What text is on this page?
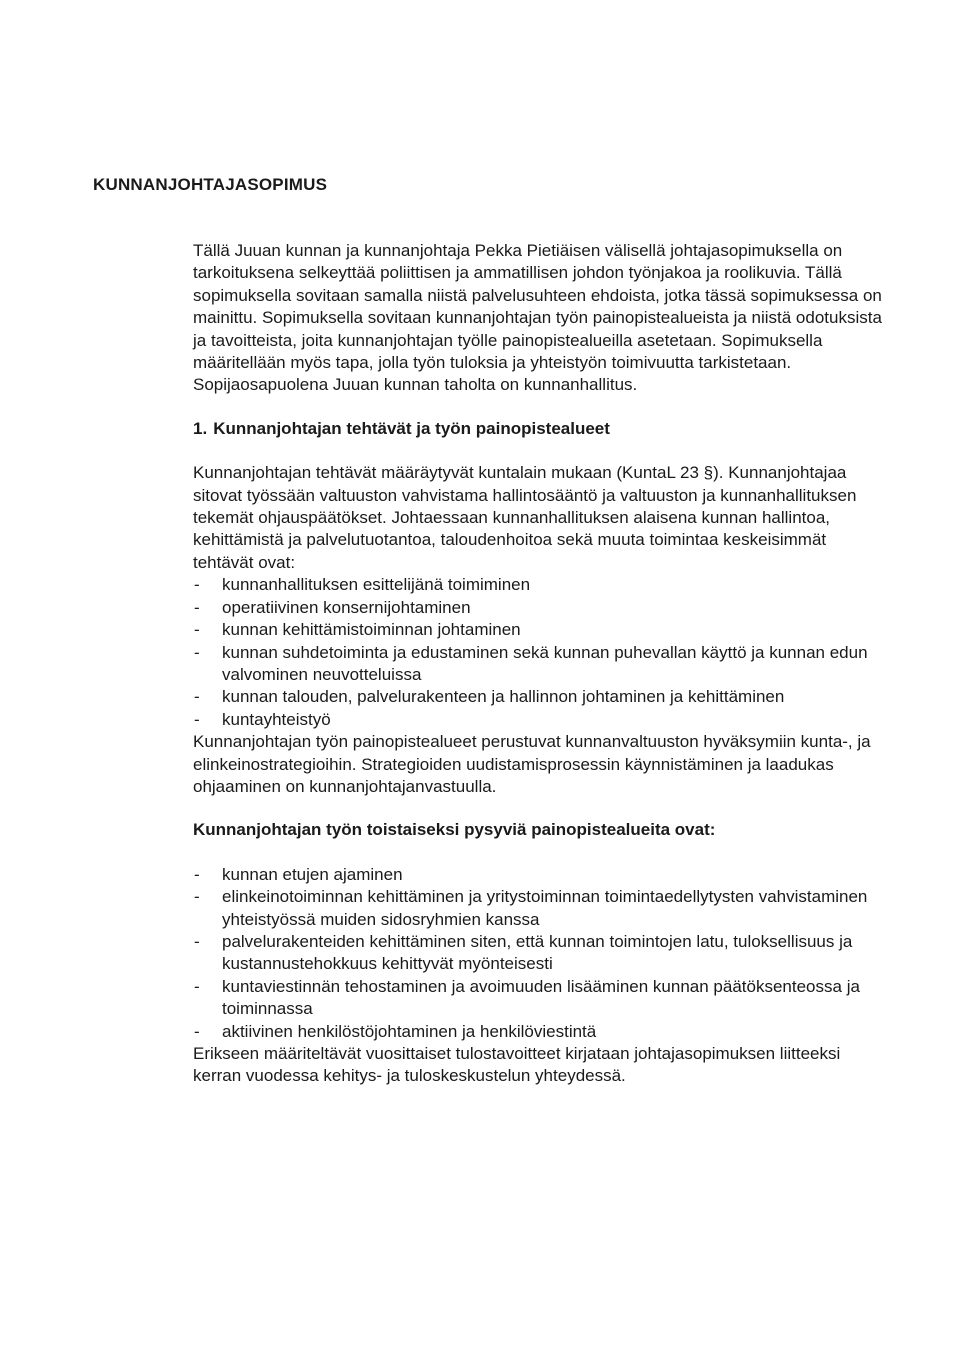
KUNNANJOHTAJASOPIMUS

Tällä Juuan kunnan ja kunnanjohtaja Pekka Pietiäisen välisellä johtajasopimuksella on tarkoituksena selkeyttää poliittisen ja ammatillisen johdon työnjakoa ja roolikuvia. Tällä sopimuksella sovitaan samalla niistä palvelusuhteen ehdoista, jotka tässä sopimuksessa on mainittu. Sopimuksella sovitaan kunnanjohtajan työn painopistealueista ja niistä odotuksista ja tavoitteista, joita kunnanjohtajan työlle painopistealueilla asetetaan. Sopimuksella määritellään myös tapa, jolla työn tuloksia ja yhteistyön toimivuutta tarkistetaan. Sopijaosapuolena Juuan kunnan taholta on kunnanhallitus.

1. Kunnanjohtajan tehtävät ja työn painopistealueet

Kunnanjohtajan tehtävät määräytyvät kuntalain mukaan (KuntaL 23 §). Kunnanjohtajaa sitovat työssään valtuuston vahvistama hallintosääntö ja valtuuston ja kunnanhallituksen tekemät ohjauspäätökset. Johtaessaan kunnanhallituksen alaisena kunnan hallintoa, kehittämistä ja palvelutuotantoa, taloudenhoitoa sekä muuta toimintaa keskeisimmät tehtävät ovat:

- kunnanhallituksen esittelijänä toimiminen
- operatiivinen konsernijohtaminen
- kunnan kehittämistoiminnan johtaminen
- kunnan suhdetoiminta ja edustaminen sekä kunnan puhevallan käyttö ja kunnan edun valvominen neuvotteluissa
- kunnan talouden, palvelurakenteen ja hallinnon johtaminen ja kehittäminen
- kuntayhteistyö

Kunnanjohtajan työn painopistealueet perustuvat kunnanvaltuuston hyväksymiin kunta-, ja elinkeinostrategioihin. Strategioiden uudistamisprosessin käynnistäminen ja laadukas ohjaaminen on kunnanjohtajanvastuulla.

Kunnanjohtajan työn toistaiseksi pysyviä painopistealueita ovat:

- kunnan etujen ajaminen
- elinkeinotoiminnan kehittäminen ja yritystoiminnan toimintaedellytysten vahvistaminen yhteistyössä muiden sidosryhmien kanssa
- palvelurakenteiden kehittäminen siten, että kunnan toimintojen latu, tuloksellisuus ja kustannustehokkuus kehittyvät myönteisesti
- kuntaviestinnän tehostaminen ja avoimuuden lisääminen kunnan päätöksenteossa ja toiminnassa
- aktiivinen henkilöstöjohtaminen ja henkilöviestintä

Erikseen määriteltävät vuosittaiset tulostavoitteet kirjataan johtajasopimuksen liitteeksi kerran vuodessa kehitys- ja tuloskeskustelun yhteydessä.
